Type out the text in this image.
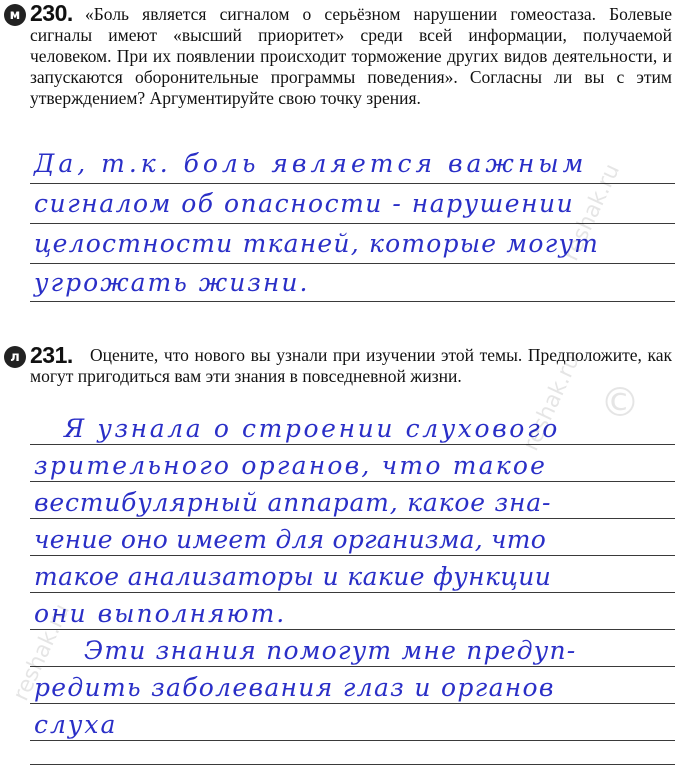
м 230. «Боль является сигналом о серьёзном нарушении гомеостаза. Болевые сигналы имеют «высший приоритет» среди всей информации, получаемой человеком. При их появлении происходит торможение других видов деятельности, и запускаются оборонительные программы поведения». Согласны ли вы с этим утверждением? Аргументируйте свою точку зрения.

Да, т.к. боль является важным
сигналом об опасности - нарушении
целостности тканей, которые могут
угрожать жизни.
л 231. Оцените, что нового вы узнали при изучении этой темы. Предположите, как могут пригодиться вам эти знания в повседневной жизни.

Я узнала о строении слухового
зрительного органов, что такое
вестибулярный аппарат, какое зна-
чение оно имеет для организма, что
такое анализаторы и какие функции
они выполняют.
Эти знания помогут мне предуп-
редить заболевания глаз и органов
слуха
reshak.ru
reshak.ru
reshak.ru
©
